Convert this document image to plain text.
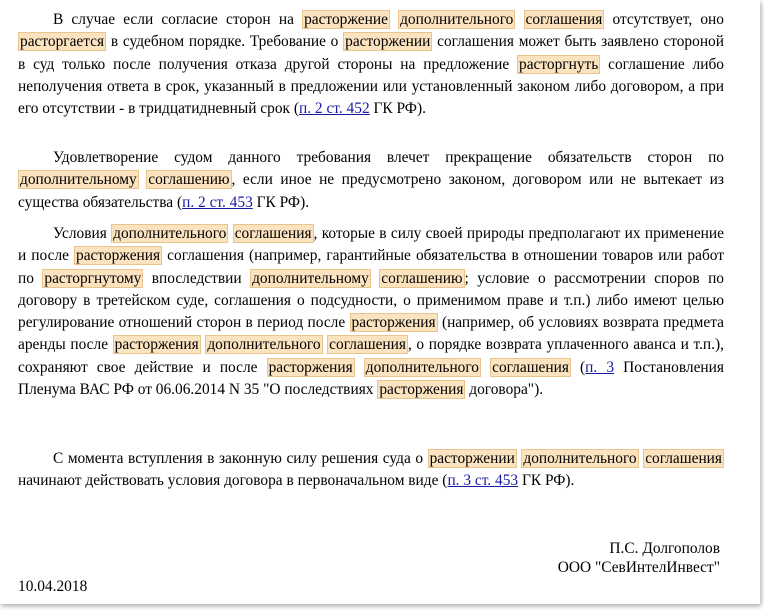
В случае если согласие сторон на расторжение дополнительного соглашения отсутствует, оно расторгается в судебном порядке. Требование о расторжении соглашения может быть заявлено стороной в суд только после получения отказа другой стороны на предложение расторгнуть соглашение либо неполучения ответа в срок, указанный в предложении или установленный законом либо договором, а при его отсутствии - в тридцатидневный срок (п. 2 ст. 452 ГК РФ).

Удовлетворение судом данного требования влечет прекращение обязательств сторон по дополнительному соглашению , если иное не предусмотрено законом, договором или не вытекает из существа обязательства (п. 2 ст. 453 ГК РФ).

Условия дополнительного соглашения , которые в силу своей природы предполагают их применение и после расторжения соглашения (например, гарантийные обязательства в отношении товаров или работ по расторгнутому впоследствии дополнительному соглашению ; условие о рассмотрении споров по договору в третейском суде, соглашения о подсудности, о применимом праве и т.п.) либо имеют целью регулирование отношений сторон в период после расторжения (например, об условиях возврата предмета аренды после расторжения дополнительного соглашения , о порядке возврата уплаченного аванса и т.п.), сохраняют свое действие и после расторжения дополнительного соглашения (п. 3 Постановления Пленума ВАС РФ от 06.06.2014 N 35 "О последствиях расторжения договора").

С момента вступления в законную силу решения суда о расторжении дополнительного соглашения начинают действовать условия договора в первоначальном виде (п. 3 ст. 453 ГК РФ).

П.С. Долгополов
ООО "СевИнтелИнвест"
10.04.2018
